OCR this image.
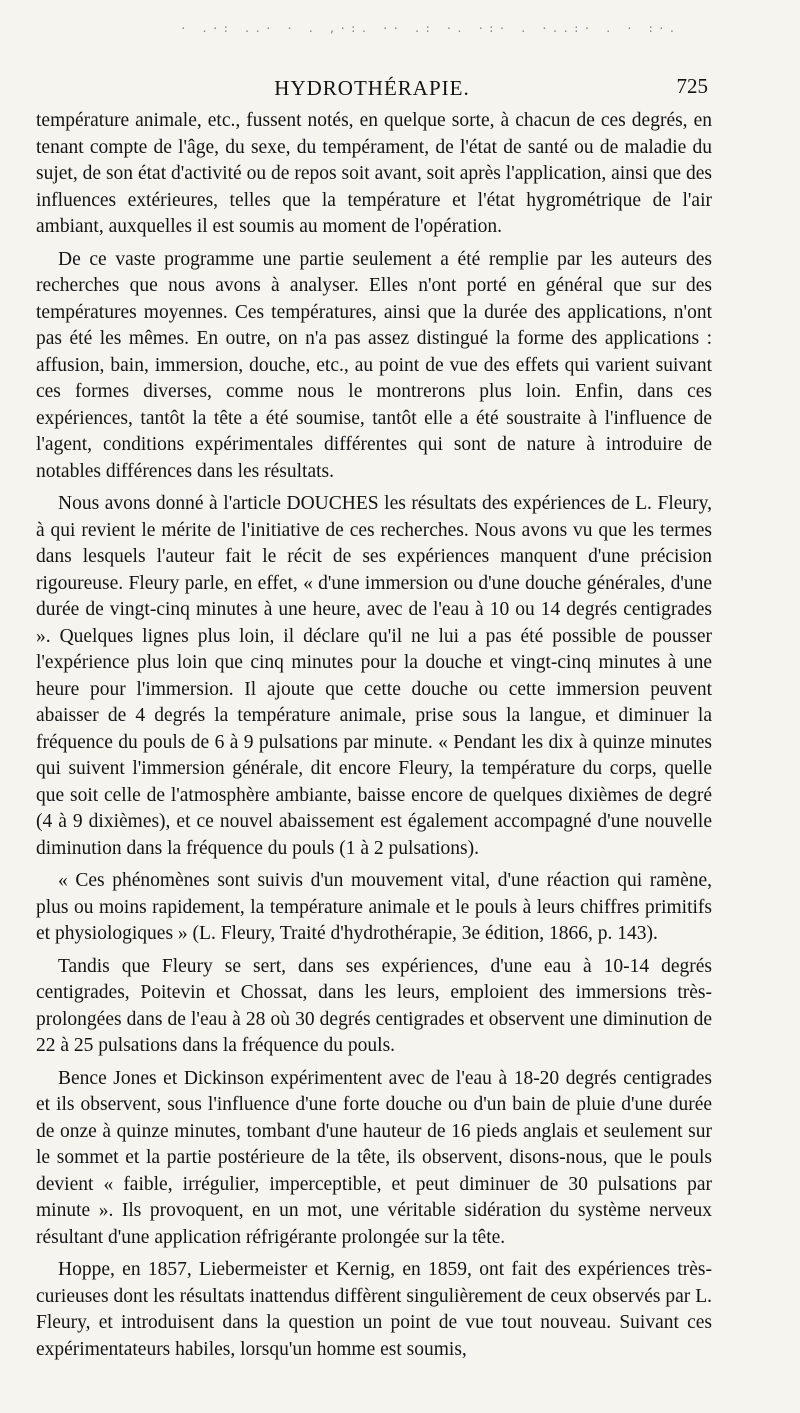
· .·: ..· · . ,·:. ·· .: ·. ·:· . ·..:· . · :·.
HYDROTHÉRAPIE.	725

température animale, etc., fussent notés, en quelque sorte, à chacun de ces degrés, en tenant compte de l'âge, du sexe, du tempérament, de l'état de santé ou de maladie du sujet, de son état d'activité ou de repos soit avant, soit après l'application, ainsi que des influences extérieures, telles que la température et l'état hygrométrique de l'air ambiant, auxquelles il est soumis au moment de l'opération.

De ce vaste programme une partie seulement a été remplie par les auteurs des recherches que nous avons à analyser. Elles n'ont porté en général que sur des températures moyennes. Ces températures, ainsi que la durée des applications, n'ont pas été les mêmes. En outre, on n'a pas assez distingué la forme des applications : affusion, bain, immersion, douche, etc., au point de vue des effets qui varient suivant ces formes diverses, comme nous le montrerons plus loin. Enfin, dans ces expériences, tantôt la tête a été soumise, tantôt elle a été soustraite à l'influence de l'agent, conditions expérimentales différentes qui sont de nature à introduire de notables différences dans les résultats.

Nous avons donné à l'article DOUCHES les résultats des expériences de L. Fleury, à qui revient le mérite de l'initiative de ces recherches. Nous avons vu que les termes dans lesquels l'auteur fait le récit de ses expériences manquent d'une précision rigoureuse. Fleury parle, en effet, « d'une immersion ou d'une douche générales, d'une durée de vingt-cinq minutes à une heure, avec de l'eau à 10 ou 14 degrés centigrades ». Quelques lignes plus loin, il déclare qu'il ne lui a pas été possible de pousser l'expérience plus loin que cinq minutes pour la douche et vingt-cinq minutes à une heure pour l'immersion. Il ajoute que cette douche ou cette immersion peuvent abaisser de 4 degrés la température animale, prise sous la langue, et diminuer la fréquence du pouls de 6 à 9 pulsations par minute. « Pendant les dix à quinze minutes qui suivent l'immersion générale, dit encore Fleury, la température du corps, quelle que soit celle de l'atmosphère ambiante, baisse encore de quelques dixièmes de degré (4 à 9 dixièmes), et ce nouvel abaissement est également accompagné d'une nouvelle diminution dans la fréquence du pouls (1 à 2 pulsations).

« Ces phénomènes sont suivis d'un mouvement vital, d'une réaction qui ramène, plus ou moins rapidement, la température animale et le pouls à leurs chiffres primitifs et physiologiques » (L. Fleury, Traité d'hydrothérapie, 3e édition, 1866, p. 143).

Tandis que Fleury se sert, dans ses expériences, d'une eau à 10-14 degrés centigrades, Poitevin et Chossat, dans les leurs, emploient des immersions très-prolongées dans de l'eau à 28 où 30 degrés centigrades et observent une diminution de 22 à 25 pulsations dans la fréquence du pouls.

Bence Jones et Dickinson expérimentent avec de l'eau à 18-20 degrés centigrades et ils observent, sous l'influence d'une forte douche ou d'un bain de pluie d'une durée de onze à quinze minutes, tombant d'une hauteur de 16 pieds anglais et seulement sur le sommet et la partie postérieure de la tête, ils observent, disons-nous, que le pouls devient « faible, irrégulier, imperceptible, et peut diminuer de 30 pulsations par minute ». Ils provoquent, en un mot, une véritable sidération du système nerveux résultant d'une application réfrigérante prolongée sur la tête.

Hoppe, en 1857, Liebermeister et Kernig, en 1859, ont fait des expériences très-curieuses dont les résultats inattendus diffèrent singulièrement de ceux observés par L. Fleury, et introduisent dans la question un point de vue tout nouveau. Suivant ces expérimentateurs habiles, lorsqu'un homme est soumis,
